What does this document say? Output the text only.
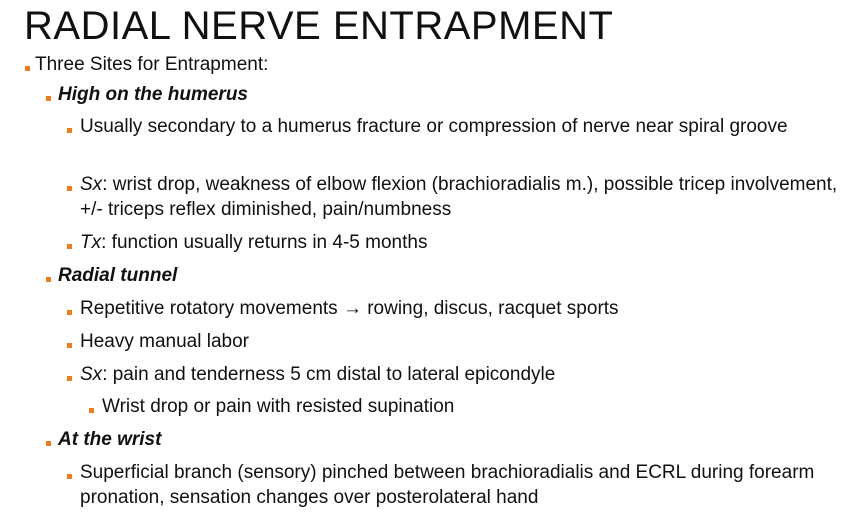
RADIAL NERVE ENTRAPMENT
Three Sites for Entrapment:
High on the humerus
Usually secondary to a humerus fracture or compression of nerve near spiral groove
Sx: wrist drop, weakness of elbow flexion (brachioradialis m.), possible tricep involvement, +/- triceps reflex diminished, pain/numbness
Tx: function usually returns in 4-5 months
Radial tunnel
Repetitive rotatory movements → rowing, discus, racquet sports
Heavy manual labor
Sx: pain and tenderness 5 cm distal to lateral epicondyle
Wrist drop or pain with resisted supination
At the wrist
Superficial branch (sensory) pinched between brachioradialis and ECRL during forearm pronation, sensation changes over posterolateral hand
